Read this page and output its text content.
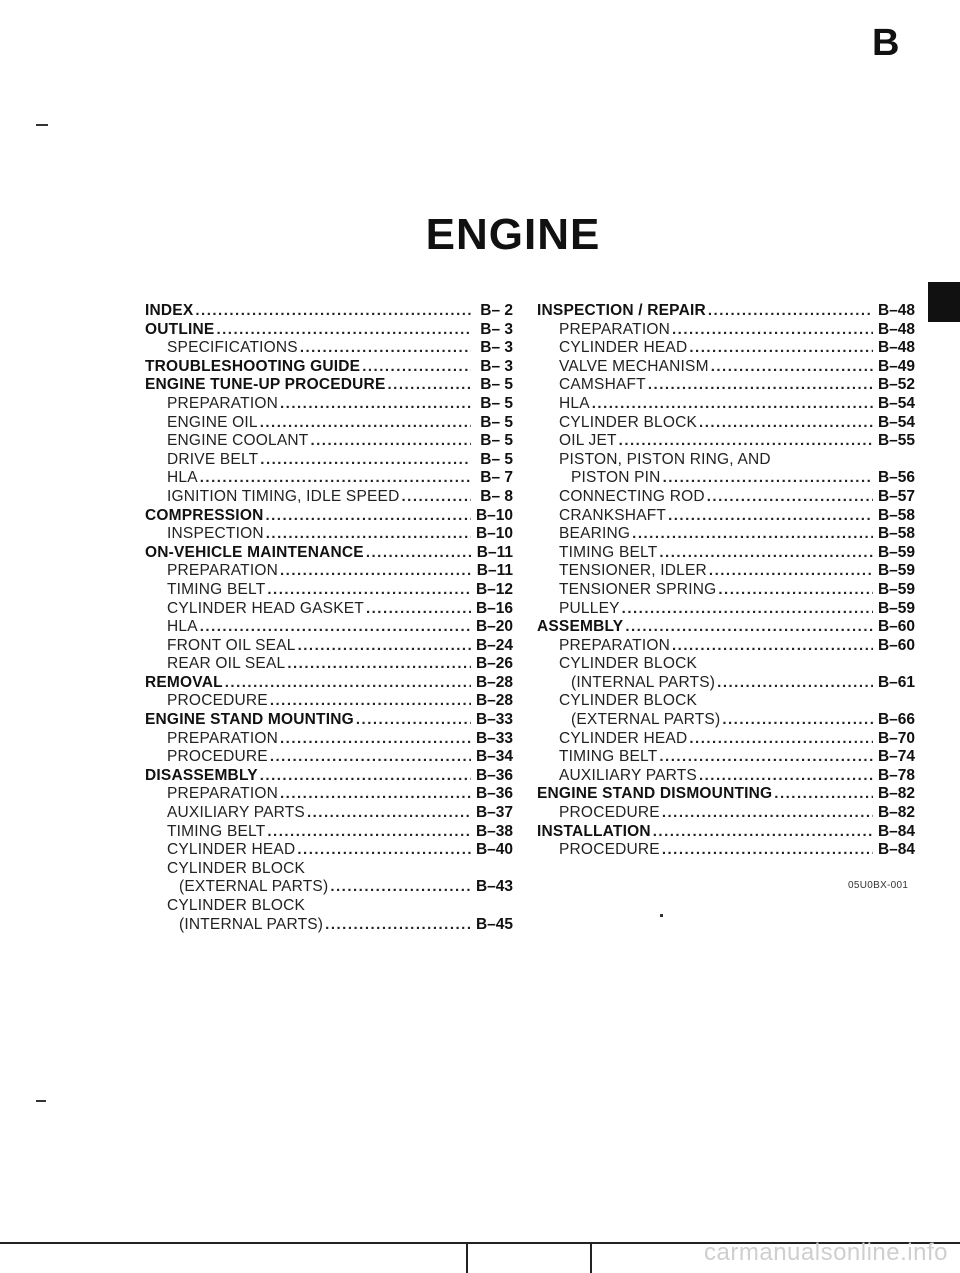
B
ENGINE
INDEX .....	B– 2
OUTLINE .....	B– 3
SPECIFICATIONS .....	B– 3
TROUBLESHOOTING GUIDE .....	B– 3
ENGINE TUNE-UP PROCEDURE .....	B– 5
PREPARATION .....	B– 5
ENGINE OIL .....	B– 5
ENGINE COOLANT .....	B– 5
DRIVE BELT .....	B– 5
HLA .....	B– 7
IGNITION TIMING, IDLE SPEED .....	B– 8
COMPRESSION .....	B–10
INSPECTION .....	B–10
ON-VEHICLE MAINTENANCE .....	B–11
PREPARATION .....	B–11
TIMING BELT .....	B–12
CYLINDER HEAD GASKET .....	B–16
HLA .....	B–20
FRONT OIL SEAL .....	B–24
REAR OIL SEAL .....	B–26
REMOVAL .....	B–28
PROCEDURE .....	B–28
ENGINE STAND MOUNTING .....	B–33
PREPARATION .....	B–33
PROCEDURE .....	B–34
DISASSEMBLY .....	B–36
PREPARATION .....	B–36
AUXILIARY PARTS .....	B–37
TIMING BELT .....	B–38
CYLINDER HEAD .....	B–40
CYLINDER BLOCK
(EXTERNAL PARTS) .....	B–43
CYLINDER BLOCK
(INTERNAL PARTS) .....	B–45
INSPECTION / REPAIR .....	B–48
PREPARATION .....	B–48
CYLINDER HEAD .....	B–48
VALVE MECHANISM .....	B–49
CAMSHAFT .....	B–52
HLA .....	B–54
CYLINDER BLOCK .....	B–54
OIL JET .....	B–55
PISTON, PISTON RING, AND
PISTON PIN .....	B–56
CONNECTING ROD .....	B–57
CRANKSHAFT .....	B–58
BEARING .....	B–58
TIMING BELT .....	B–59
TENSIONER, IDLER .....	B–59
TENSIONER SPRING .....	B–59
PULLEY .....	B–59
ASSEMBLY .....	B–60
PREPARATION .....	B–60
CYLINDER BLOCK
(INTERNAL PARTS) .....	B–61
CYLINDER BLOCK
(EXTERNAL PARTS) .....	B–66
CYLINDER HEAD .....	B–70
TIMING BELT .....	B–74
AUXILIARY PARTS .....	B–78
ENGINE STAND DISMOUNTING .....	B–82
PROCEDURE .....	B–82
INSTALLATION .....	B–84
PROCEDURE .....	B–84
05U0BX-001
carmanualsonline.info
